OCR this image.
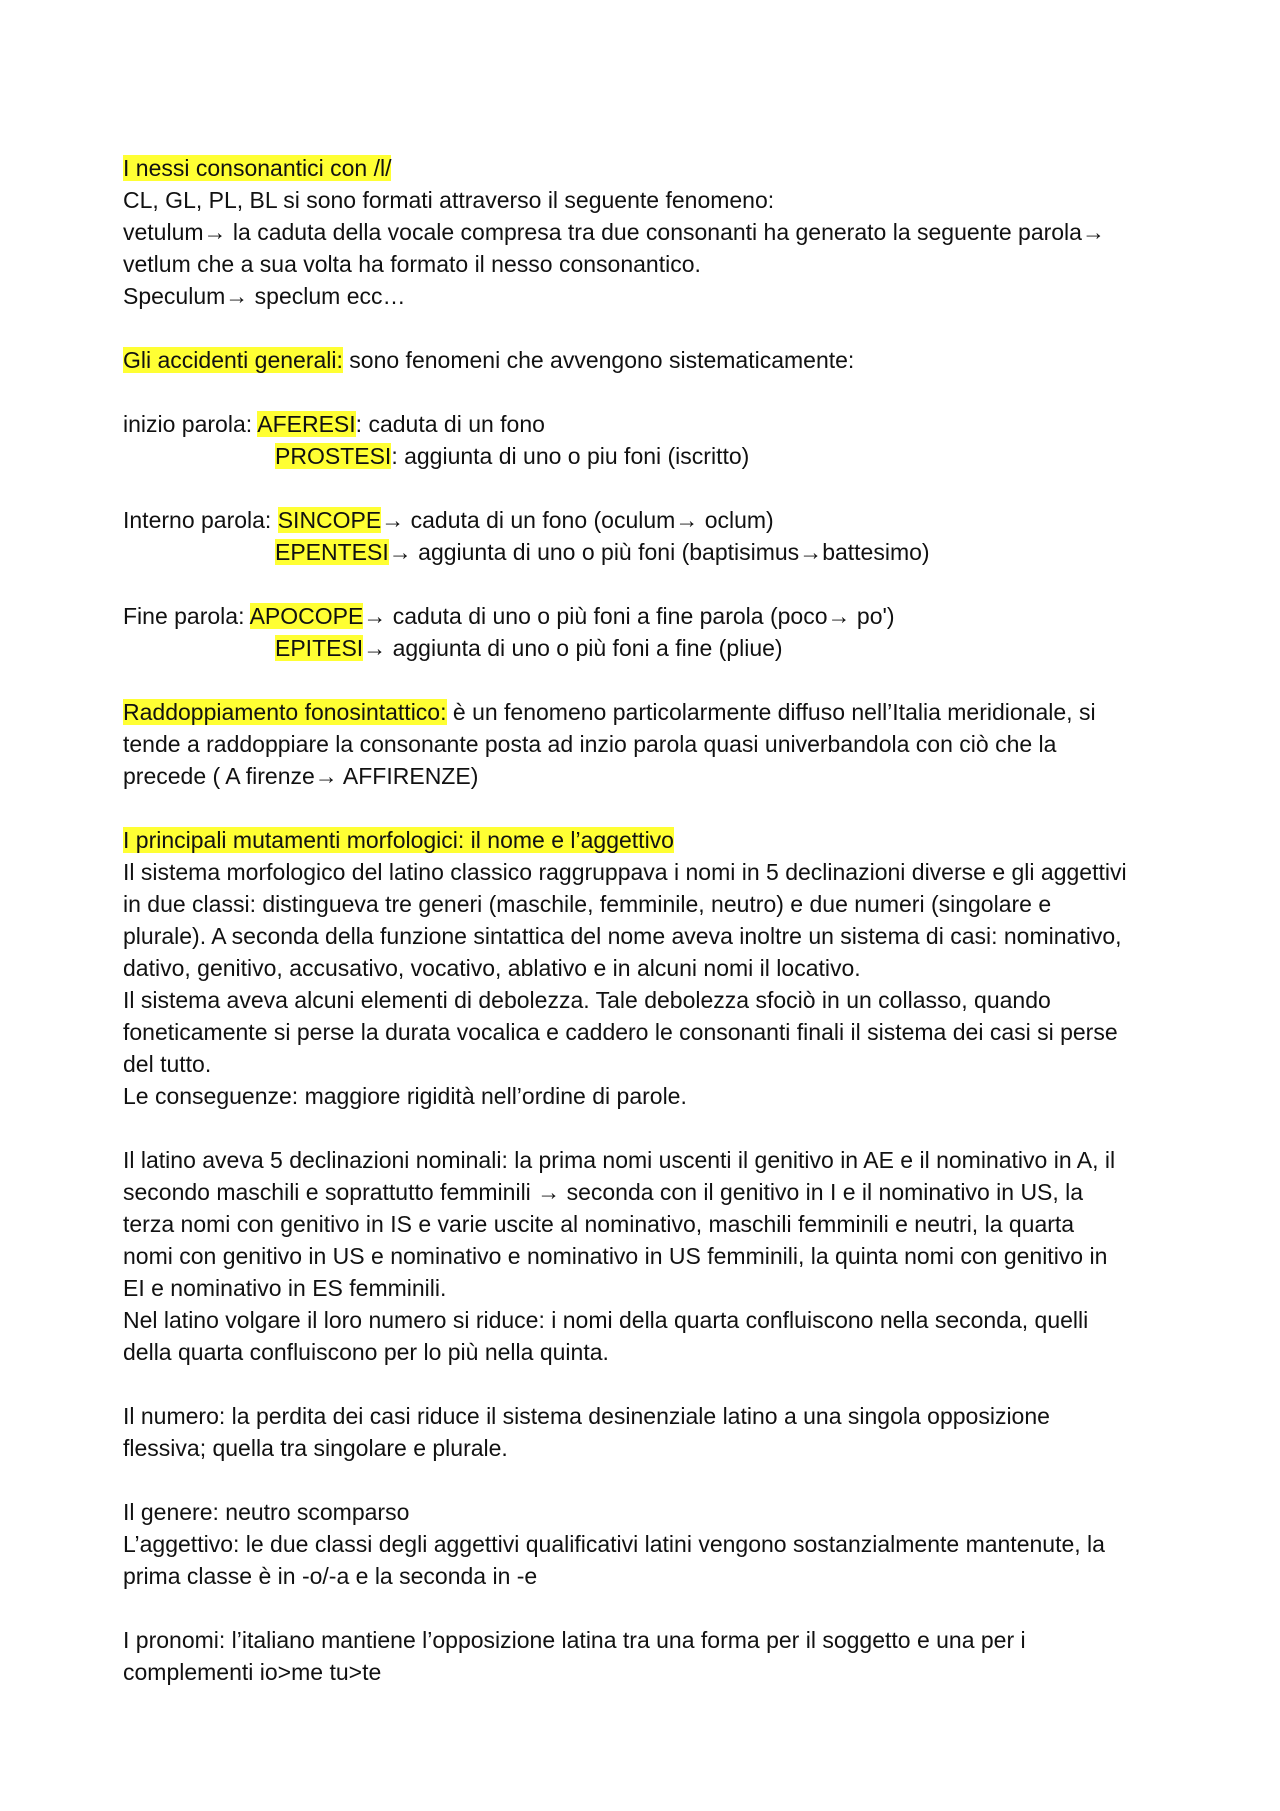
I nessi consonantici con /l/
CL, GL, PL, BL si sono formati attraverso il seguente fenomeno:
vetulum→ la caduta della vocale compresa tra due consonanti ha generato la seguente parola→
vetlum che a sua volta ha formato il nesso consonantico.
Speculum→ speclum ecc…
Gli accidenti generali: sono fenomeni che avvengono sistematicamente:
inizio parola: AFERESI: caduta di un fono
PROSTESI: aggiunta di uno o piu foni (iscritto)
Interno parola: SINCOPE→ caduta di un fono (oculum→ oclum)
EPENTESI→ aggiunta di uno o più foni (baptisimus→battesimo)
Fine parola: APOCOPE→ caduta di uno o più foni a fine parola (poco→ po')
EPITESI→ aggiunta di uno o più foni a fine (pliue)
Raddoppiamento fonosintattico: è un fenomeno particolarmente diffuso nell’Italia meridionale, si
tende a raddoppiare la consonante posta ad inzio parola quasi univerbandola con ciò che la
precede ( A firenze→ AFFIRENZE)
I principali mutamenti morfologici: il nome e l’aggettivo
Il sistema morfologico del latino classico raggruppava i nomi in 5 declinazioni diverse e gli aggettivi
in due classi: distingueva tre generi (maschile, femminile, neutro) e due numeri (singolare e
plurale). A seconda della funzione sintattica del nome aveva inoltre un sistema di casi: nominativo,
dativo, genitivo, accusativo, vocativo, ablativo e in alcuni nomi il locativo.
Il sistema aveva alcuni elementi di debolezza. Tale debolezza sfociò in un collasso, quando
foneticamente si perse la durata vocalica e caddero le consonanti finali il sistema dei casi si perse
del tutto.
Le conseguenze: maggiore rigidità nell’ordine di parole.
Il latino aveva 5 declinazioni nominali: la prima nomi uscenti il genitivo in AE e il nominativo in A, il
secondo maschili e soprattutto femminili → seconda con il genitivo in I e il nominativo in US, la
terza nomi con genitivo in IS e varie uscite al nominativo, maschili femminili e neutri, la quarta
nomi con genitivo in US e nominativo e nominativo in US femminili, la quinta nomi con genitivo in
EI e nominativo in ES femminili.
Nel latino volgare il loro numero si riduce: i nomi della quarta confluiscono nella seconda, quelli
della quarta confluiscono per lo più nella quinta.
Il numero: la perdita dei casi riduce il sistema desinenziale latino a una singola opposizione
flessiva; quella tra singolare e plurale.
Il genere: neutro scomparso
L’aggettivo: le due classi degli aggettivi qualificativi latini vengono sostanzialmente mantenute, la
prima classe è in -o/-a e la seconda in -e
I pronomi: l’italiano mantiene l’opposizione latina tra una forma per il soggetto e una per i
complementi io>me tu>te
